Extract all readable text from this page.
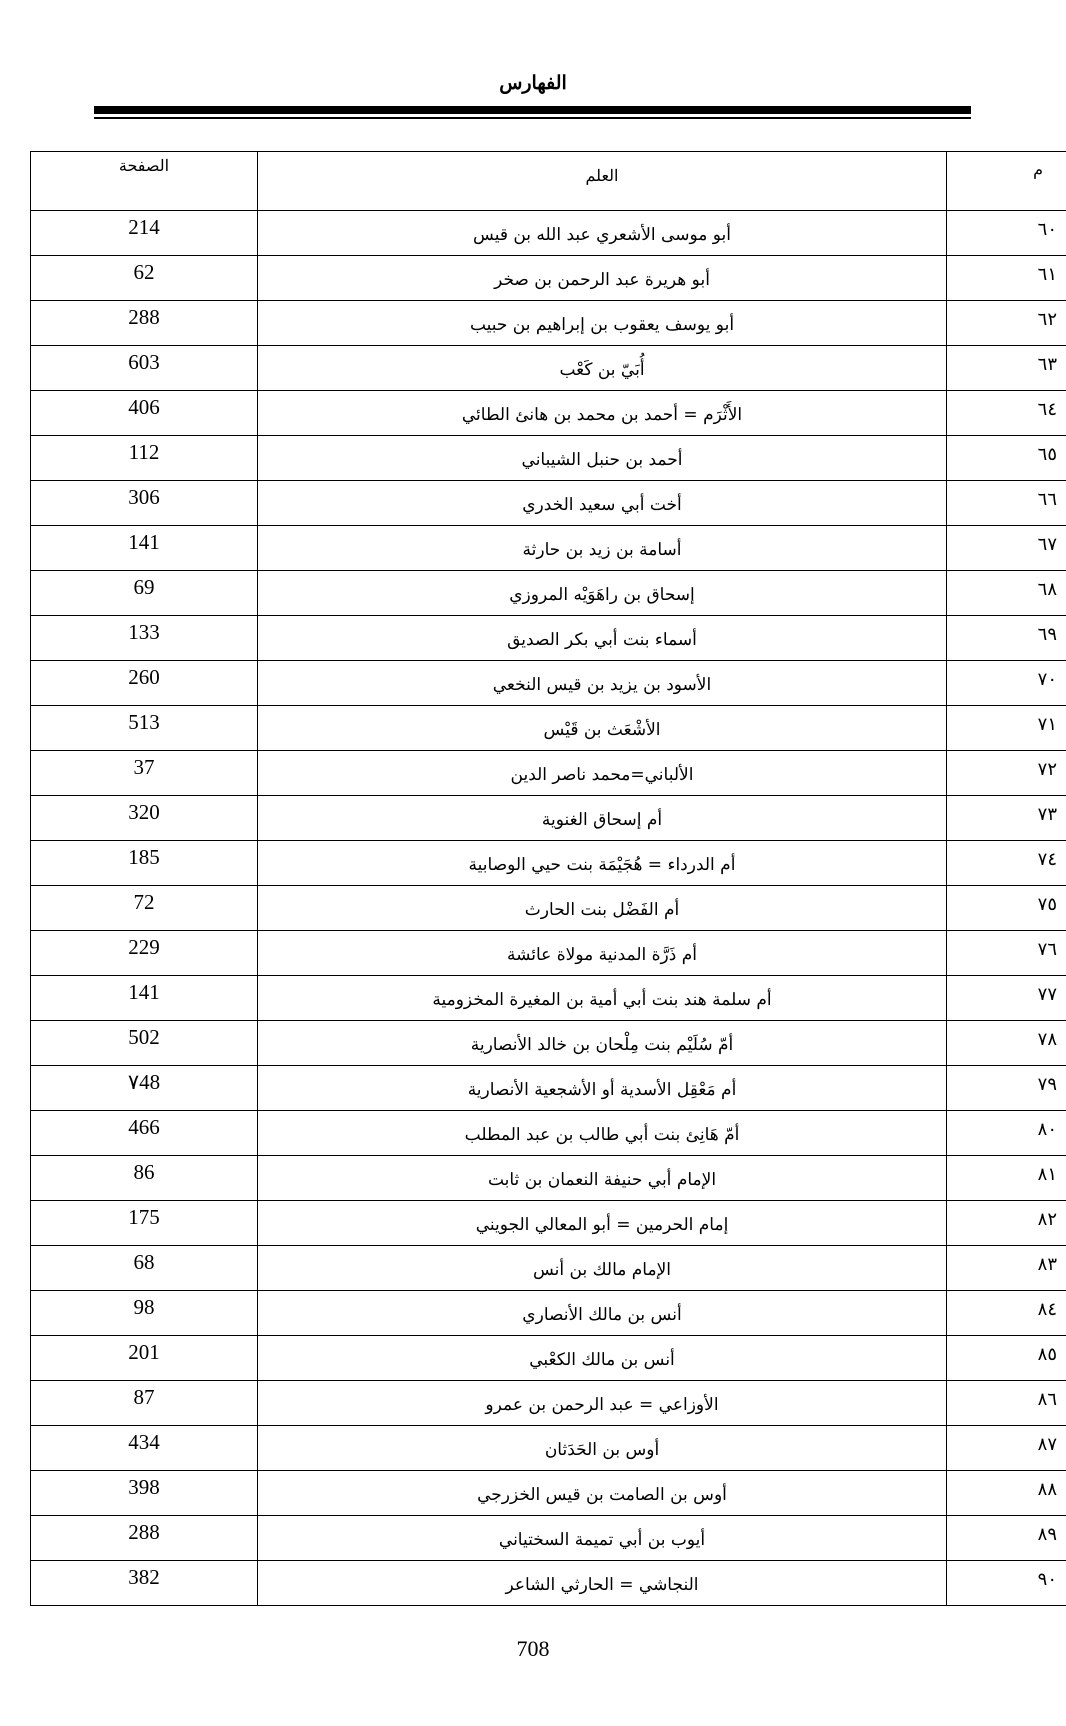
الفهارس
الصفحة	العلم	م
214	أبو موسى الأشعري عبد الله بن قيس	٦٠
62	أبو هريرة عبد الرحمن بن صخر	٦١
288	أبو يوسف يعقوب بن إبراهيم بن حبيب	٦٢
603	أُبَيّ بن كَعْب	٦٣
406	الأَثْرَم = أحمد بن محمد بن هانئ الطائي	٦٤
112	أحمد بن حنبل الشيباني	٦٥
306	أخت أبي سعيد الخدري	٦٦
141	أسامة بن زيد بن حارثة	٦٧
69	إسحاق بن راهَوَيْه المروزي	٦٨
133	أسماء بنت أبي بكر الصديق	٦٩
260	الأسود بن يزيد بن قيس النخعي	٧٠
513	الأشْعَث بن قَيْس	٧١
37	الألباني=محمد ناصر الدين	٧٢
320	أم إسحاق الغنوية	٧٣
185	أم الدرداء = هُجَيْمَة بنت حيي الوصابية	٧٤
72	أم الفَضْل بنت الحارث	٧٥
229	أم ذَرَّة المدنية مولاة عائشة	٧٦
141	أم سلمة هند بنت أبي أمية بن المغيرة المخزومية	٧٧
502	أمّ سُلَيْم بنت مِلْحان بن خالد الأنصارية	٧٨
٧48	أم مَعْقِل الأسدية أو الأشجعية الأنصارية	٧٩
466	أمّ هَانِئ بنت أبي طالب بن عبد المطلب	٨٠
86	الإمام أبي حنيفة النعمان بن ثابت	٨١
175	إمام الحرمين = أبو المعالي الجويني	٨٢
68	الإمام مالك بن أنس	٨٣
98	أنس بن مالك الأنصاري	٨٤
201	أنس بن مالك الكعْبي	٨٥
87	الأوزاعي = عبد الرحمن بن عمرو	٨٦
434	أوس بن الحَدَثان	٨٧
398	أوس بن الصامت بن قيس الخزرجي	٨٨
288	أيوب بن أبي تميمة السختياني	٨٩
382	النجاشي = الحارثي الشاعر	٩٠
708
